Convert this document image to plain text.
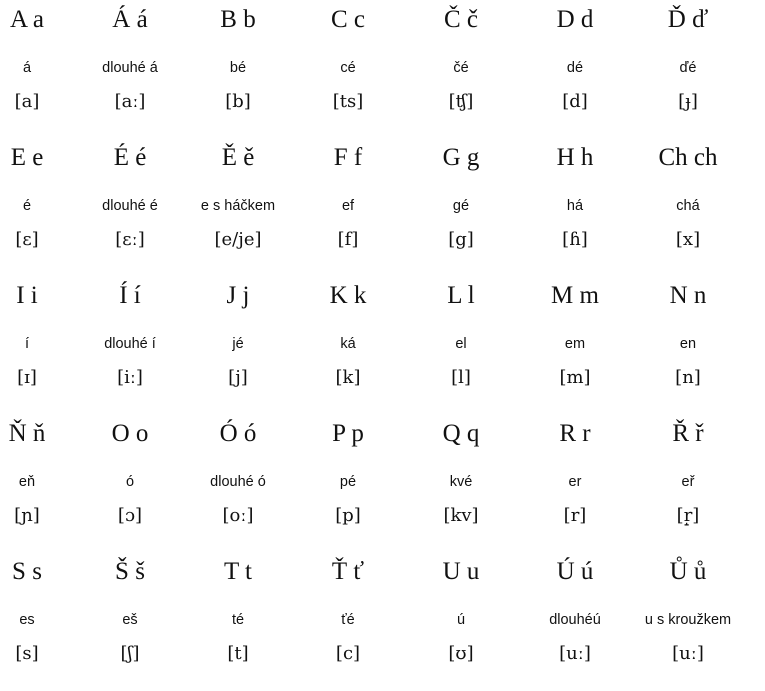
A a
á
[a]
Á á
dlouhé á
[aː]
B b
bé
[b]
C c
cé
[ts]
Č č
čé
[ʧ]
D d
dé
[d]
Ď ď
ďé
[ɟ]
E e
é
[ɛ]
É é
dlouhé é
[ɛː]
Ě ě
e s háčkem
[e/je]
F f
ef
[f]
G g
gé
[g]
H h
há
[ɦ]
Ch ch
chá
[x]
I i
í
[ɪ]
Í í
dlouhé í
[iː]
J j
jé
[j]
K k
ká
[k]
L l
el
[l]
M m
em
[m]
N n
en
[n]
Ň ň
eň
[ɲ]
O o
ó
[ɔ]
Ó ó
dlouhé ó
[oː]
P p
pé
[p]
Q q
kvé
[kv]
R r
er
[r]
Ř ř
eř
[r̝]
S s
es
[s]
Š š
eš
[ʃ]
T t
té
[t]
Ť ť
ťé
[c]
U u
ú
[ʊ]
Ú ú
dlouhéú
[uː]
Ů ů
u s kroužkem
[uː]
